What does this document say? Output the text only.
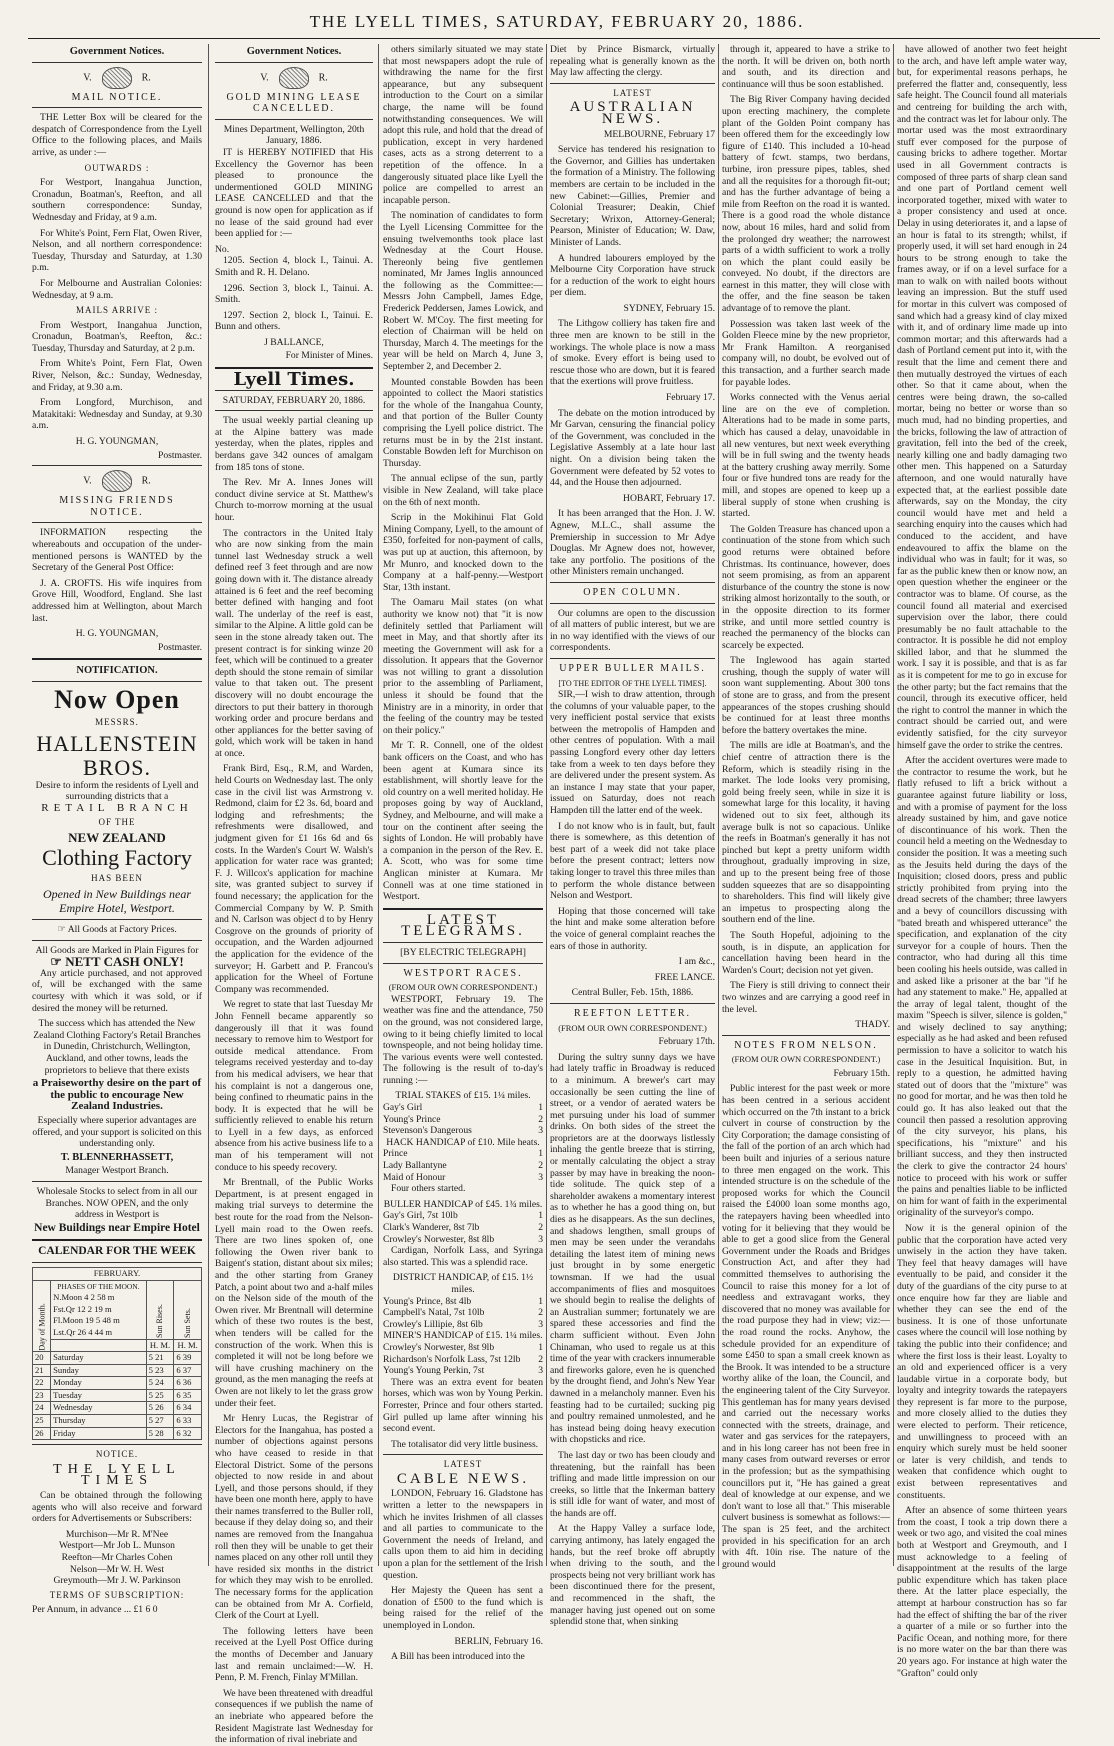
THE LYELL TIMES, SATURDAY, FEBRUARY 20, 1886.
Government Notices.
V.	R.
MAIL NOTICE.
THE Letter Box will be cleared for the despatch of Correspondence from the Lyell Office to the following places, and Mails arrive, as under :—
OUTWARDS :
For Westport, Inangahua Junction, Cronadun, Boatman's, Reefton, and all southern correspondence: Sunday, Wednesday and Friday, at 9 a.m.
For White's Point, Fern Flat, Owen River, Nelson, and all northern correspondence: Tuesday, Thursday and Saturday, at 1.30 p.m.
For Melbourne and Australian Colonies: Wednesday, at 9 a.m.
MAILS ARRIVE :
From Westport, Inangahua Junction, Cronadun, Boatman's, Reefton, &c.: Tuesday, Thursday and Saturday, at 2 p.m.
From White's Point, Fern Flat, Owen River, Nelson, &c.: Sunday, Wednesday, and Friday, at 9.30 a.m.
From Longford, Murchison, and Matakitaki: Wednesday and Sunday, at 9.30 a.m.
H. G. YOUNGMAN,
Postmaster.
V.	R.
MISSING FRIENDS NOTICE.
INFORMATION respecting the whereabouts and occupation of the under-mentioned persons is WANTED by the Secretary of the General Post Office:
J. A. CROFTS. His wife inquires from Grove Hill, Woodford, England. She last addressed him at Wellington, about March last.
H. G. YOUNGMAN,
Postmaster.
NOTIFICATION.
Now Open
MESSRS.
HALLENSTEIN BROS.
Desire to inform the residents of Lyell and surrounding districts that a
RETAIL BRANCH
OF THE
NEW ZEALAND
Clothing Factory
HAS BEEN
Opened in New Buildings near Empire Hotel, Westport.
☞ All Goods at Factory Prices.
All Goods are Marked in Plain Figures for
☞ NETT CASH ONLY!
Any article purchased, and not approved of, will be exchanged with the same courtesy with which it was sold, or if desired the money will be returned.
The success which has attended the New Zealand Clothing Factory's Retail Branches in Dunedin, Christchurch, Wellington, Auckland, and other towns, leads the proprietors to believe that there exists
a Praiseworthy desire on the part of the public to encourage New Zealand Industries.
Especially where superior advantages are offered, and your support is solicited on this understanding only.
T. BLENNERHASSETT,
Manager Westport Branch.
Wholesale Stocks to select from in all our Branches. NOW OPEN, and the only address in Westport is
New Buildings near Empire Hotel
CALENDAR FOR THE WEEK
FEBRUARY.			
Day of Month.	PHASES OF THE MOON.
N.Moon 4 2 58 m
Fst.Qr 12 2 19 m
Fl.Moon 19 5 48 m
Lst.Qr 26 4 44 m	Sun Rises.	Sun Sets.
		H. M.	H. M.
20	Saturday	5 21	6 39
21	Sunday	5 23	6 37
22	Monday	5 24	6 36
23	Tuesday	5 25	6 35
24	Wednesday	5 26	6 34
25	Thursday	5 27	6 33
26	Friday	5 28	6 32
NOTICE.
THE LYELL TIMES
Can be obtained through the following agents who will also receive and forward orders for Advertisements or Subscribers:
Murchison—Mr R. M'Nee
Westport—Mr Job L. Munson
Reefton—Mr Charles Cohen
Nelson—Mr W. H. West
Greymouth—Mr J. W. Parkinson
TERMS OF SUBSCRIPTION:
Per Annum, in advance ... £1 6 0
Government Notices.
V.	R.
GOLD MINING LEASE CANCELLED.
Mines Department, Wellington, 20th January, 1886.
IT is HEREBY NOTIFIED that His Excellency the Governor has been pleased to pronounce the undermentioned GOLD MINING LEASE CANCELLED and that the ground is now open for application as if no lease of the said ground had ever been applied for :—
No.
1205. Section 4, block I., Tainui. A. Smith and R. H. Delano.
1296. Section 3, block I., Tainui. A. Smith.
1297. Section 2, block I., Tainui. E. Bunn and others.
J BALLANCE,
For Minister of Mines.
Lyell Times.
SATURDAY, FEBRUARY 20, 1886.
The usual weekly partial cleaning up at the Alpine battery was made yesterday, when the plates, ripples and berdans gave 342 ounces of amalgam from 185 tons of stone.
The Rev. Mr A. Innes Jones will conduct divine service at St. Matthew's Church to-morrow morning at the usual hour.
The contractors in the United Italy who are now sinking from the main tunnel last Wednesday struck a well defined reef 3 feet through and are now going down with it. The distance already attained is 6 feet and the reef becoming better defined with hanging and foot wall. The underlay of the reef is east, similar to the Alpine. A little gold can be seen in the stone already taken out. The present contract is for sinking winze 20 feet, which will be continued to a greater depth should the stone remain of similar value to that taken out. The present discovery will no doubt encourage the directors to put their battery in thorough working order and procure berdans and other appliances for the better saving of gold, which work will be taken in hand at once.
Frank Bird, Esq., R.M, and Warden, held Courts on Wednesday last. The only case in the civil list was Armstrong v. Redmond, claim for £2 3s. 6d, board and lodging and refreshments; the refreshments were disallowed, and judgment given for £1 16s 6d and 6s costs. In the Warden's Court W. Walsh's application for water race was granted; F. J. Willcox's application for machine site, was granted subject to survey if found necessary; the application for the Commercial Company by W. P. Smith and N. Carlson was object d to by Henry Cosgrove on the grounds of priority of occupation, and the Warden adjourned the application for the evidence of the surveyor; H. Garbett and P. Francou's application for the Wheel of Fortune Company was recommended.
We regret to state that last Tuesday Mr John Fennell became apparently so dangerously ill that it was found necessary to remove him to Westport for outside medical attendance. From telegrams received yesterday and to-day from his medical advisers, we hear that his complaint is not a dangerous one, being confined to rheumatic pains in the body. It is expected that he will be sufficiently relieved to enable his return to Lyell in a few days, as enforced absence from his active business life to a man of his temperament will not conduce to his speedy recovery.
Mr Brentnall, of the Public Works Department, is at present engaged in making trial surveys to determine the best route for the road from the Nelson-Lyell main road to the Owen reefs. There are two lines spoken of, one following the Owen river bank to Baigent's station, distant about six miles; and the other starting from Graney Patch, a point about two and a-half miles on the Nelson side of the mouth of the Owen river. Mr Brentnall will determine which of these two routes is the best, when tenders will be called for the construction of the work. When this is completed it will not be long before we will have crushing machinery on the ground, as the men managing the reefs at Owen are not likely to let the grass grow under their feet.
Mr Henry Lucas, the Registrar of Electors for the Inangahua, has posted a number of objections against persons who have ceased to reside in that Electoral District. Some of the persons objected to now reside in and about Lyell, and those persons should, if they have been one month here, apply to have their names transferred to the Buller roll, because if they delay doing so, and their names are removed from the Inangahua roll then they will be unable to get their names placed on any other roll until they have resided six months in the district for which they may wish to be enrolled. The necessary forms for the application can be obtained from Mr A. Corfield, Clerk of the Court at Lyell.
The following letters have been received at the Lyell Post Office during the months of December and January last and remain unclaimed:—W. H. Penn, P. M. French, Finlay M'Millan.
We have been threatened with dreadful consequences if we publish the name of an inebriate who appeared before the Resident Magistrate last Wednesday for the information of rival inebriate and
others similarly situated we may state that most newspapers adopt the rule of withdrawing the name for the first appearance, but any subsequent introduction to the Court on a similar charge, the name will be found notwithstanding consequences. We will adopt this rule, and hold that the dread of publication, except in very hardened cases, acts as a strong deterrent to a repetition of the offence. In a dangerously situated place like Lyell the police are compelled to arrest an incapable person.
The nomination of candidates to form the Lyell Licensing Committee for the ensuing twelvemonths took place last Wednesday at the Court House. Thereonly being five gentlemen nominated, Mr James Inglis announced the following as the Committee:—Messrs John Campbell, James Edge, Frederick Peddersen, James Lowick, and Robert W. M'Coy. The first meeting for election of Chairman will be held on Thursday, March 4. The meetings for the year will be held on March 4, June 3, September 2, and December 2.
Mounted constable Bowden has been appointed to collect the Maori statistics for the whole of the Inangahua County, and that portion of the Buller County comprising the Lyell police district. The returns must be in by the 21st instant. Constable Bowden left for Murchison on Thursday.
The annual eclipse of the sun, partly visible in New Zealand, will take place on the 6th of next month.
Scrip in the Mokihinui Flat Gold Mining Company, Lyell, to the amount of £350, forfeited for non-payment of calls, was put up at auction, this afternoon, by Mr Munro, and knocked down to the Company at a half-penny.—Westport Star, 13th instant.
The Oamaru Mail states (on what authority we know not) that "it is now definitely settled that Parliament will meet in May, and that shortly after its meeting the Government will ask for a dissolution. It appears that the Governor was not willing to grant a dissolution prior to the assembling of Parliament, unless it should be found that the Ministry are in a minority, in order that the feeling of the country may be tested on their policy."
Mr T. R. Connell, one of the oldest bank officers on the Coast, and who has been agent at Kumara since its establishment, will shortly leave for the old country on a well merited holiday. He proposes going by way of Auckland, Sydney, and Melbourne, and will make a tour on the continent after seeing the sights of London. He will probably have a companion in the person of the Rev. E. A. Scott, who was for some time Anglican minister at Kumara. Mr Connell was at one time stationed in Westport.
LATEST TELEGRAMS.
[BY ELECTRIC TELEGRAPH]
WESTPORT RACES.
(FROM OUR OWN CORRESPONDENT.)
WESTPORT, February 19. The weather was fine and the attendance, 750 on the ground, was not considered large, owing to it being chiefly limited to local townspeople, and not being holiday time. The various events were well contested. The following is the result of to-day's running :—
TRIAL STAKES of £15. 1¼ miles.
Gay's Girl	1
Young's Prince	2
Stevenson's Dangerous	3
HACK HANDICAP of £10. Mile heats.
Prince	1
Lady Ballantyne	2
Maid of Honour	3
Four others started.
BULLER HANDICAP of £45. 1¾ miles.
Gay's Girl, 7st 10lb	1
Clark's Wanderer, 8st 7lb	2
Crowley's Norwester, 8st 8lb	3
Cardigan, Norfolk Lass, and Syringa also started. This was a splendid race.
DISTRICT HANDICAP, of £15. 1½ miles.
Young's Prince, 8st 4lb	1
Campbell's Natal, 7st 10lb	2
Crowley's Lillipie, 8st 6lb	3
MINER'S HANDICAP of £15. 1¼ miles.
Crowley's Norwester, 8st 9lb	1
Richardson's Norfolk Lass, 7st 12lb 2
Young's Young Perkin, 7st	3
There was an extra event for beaten horses, which was won by Young Perkin. Forrester, Prince and four others started. Girl pulled up lame after winning his second event.
The totalisator did very little business.
LATEST
CABLE NEWS.
LONDON, February 16. Gladstone has written a letter to the newspapers in which he invites Irishmen of all classes and all parties to communicate to the Government the needs of Ireland, and calls upon them to aid him in deciding upon a plan for the settlement of the Irish question.
Her Majesty the Queen has sent a donation of £500 to the fund which is being raised for the relief of the unemployed in London.
BERLIN, February 16.
A Bill has been introduced into the
Diet by Prince Bismarck, virtually repealing what is generally known as the May law affecting the clergy.
LATEST
AUSTRALIAN NEWS.
MELBOURNE, February 17
Service has tendered his resignation to the Governor, and Gillies has undertaken the formation of a Ministry. The following members are certain to be included in the new Cabinet:—Gillies, Premier and Colonial Treasurer; Deakin, Chief Secretary; Wrixon, Attorney-General; Pearson, Minister of Education; W. Daw, Minister of Lands.
A hundred labourers employed by the Melbourne City Corporation have struck for a reduction of the work to eight hours per diem.
SYDNEY, February 15.
The Lithgow colliery has taken fire and three men are known to be still in the workings. The whole place is now a mass of smoke. Every effort is being used to rescue those who are down, but it is feared that the exertions will prove fruitless.
February 17.
The debate on the motion introduced by Mr Garvan, censuring the financial policy of the Government, was concluded in the Legislative Assembly at a late hour last night. On a division being taken the Government were defeated by 52 votes to 44, and the House then adjourned.
HOBART, February 17.
It has been arranged that the Hon. J. W. Agnew, M.L.C., shall assume the Premiership in succession to Mr Adye Douglas. Mr Agnew does not, however, take any portfolio. The positions of the other Ministers remain unchanged.
OPEN COLUMN.
Our columns are open to the discussion of all matters of public interest, but we are in no way identified with the views of our correspondents.
UPPER BULLER MAILS.
[TO THE EDITOR OF THE LYELL TIMES].
SIR,—I wish to draw attention, through the columns of your valuable paper, to the very inefficient postal service that exists between the metropolis of Hampden and other centres of population. With a mail passing Longford every other day letters take from a week to ten days before they are delivered under the present system. As an instance I may state that your paper, issued on Saturday, does not reach Hampden till the latter end of the week.
I do not know who is in fault, but, fault there is somewhere, as this detention of best part of a week did not take place before the present contract; letters now taking longer to travel this three miles than to perform the whole distance between Nelson and Westport.
Hoping that those concerned will take the hint and make some alteration before the voice of general complaint reaches the ears of those in authority.
I am &c.,
FREE LANCE.
Central Buller, Feb. 15th, 1886.
REEFTON LETTER.
(FROM OUR OWN CORRESPONDENT.)
February 17th.
During the sultry sunny days we have had lately traffic in Broadway is reduced to a minimum. A brewer's cart may occasionally be seen cutting the line of street, or a vendor of aerated waters be met pursuing under his load of summer drinks. On both sides of the street the proprietors are at the doorways listlessly inhaling the gentle breeze that is stirring, or mentally calculating the object a stray passer by may have in breaking the noon-tide solitude. The quick step of a shareholder awakens a momentary interest as to whether he has a good thing on, but dies as he disappears. As the sun declines, and shadows lengthen, small groups of men may be seen under the verandahs detailing the latest item of mining news just brought in by some energetic townsman. If we had the usual accompaniments of flies and mosquitoes we should begin to realise the delights of an Australian summer; fortunately we are spared these accessories and find the charm sufficient without. Even John Chinaman, who used to regale us at this time of the year with crackers innumerable and fireworks galore, even he is quenched by the drought fiend, and John's New Year dawned in a melancholy manner. Even his feasting had to be curtailed; sucking pig and poultry remained unmolested, and he has instead being doing heavy execution with chopsticks and rice.
The last day or two has been cloudy and threatening, but the rainfall has been trifling and made little impression on our creeks, so little that the Inkerman battery is still idle for want of water, and most of the hands are off.
At the Happy Valley a surface lode, carrying antimony, has lately engaged the hands, but the reef broke off abruptly when driving to the south, and the prospects being not very brilliant work has been discontinued there for the present, and recommenced in the shaft, the manager having just opened out on some splendid stone that, when sinking
through it, appeared to have a strike to the north. It will be driven on, both north and south, and its direction and continuance will thus be soon established.
The Big River Company having decided upon erecting machinery, the complete plant of the Golden Point company has been offered them for the exceedingly low figure of £140. This included a 10-head battery of fcwt. stamps, two berdans, turbine, iron pressure pipes, tables, shed and all the requisites for a thorough fit-out; and has the further advantage of being a mile from Reefton on the road it is wanted. There is a good road the whole distance now, about 16 miles, hard and solid from the prolonged dry weather; the narrowest parts of a width sufficient to work a trolly on which the plant could easily be conveyed. No doubt, if the directors are earnest in this matter, they will close with the offer, and the fine season be taken advantage of to remove the plant.
Possession was taken last week of the Golden Fleece mine by the new proprietor, Mr Frank Hamilton. A reorganised company will, no doubt, be evolved out of this transaction, and a further search made for payable lodes.
Works connected with the Venus aerial line are on the eve of completion. Alterations had to be made in some parts, which has caused a delay, unavoidable in all new ventures, but next week everything will be in full swing and the twenty heads at the battery crushing away merrily. Some four or five hundred tons are ready for the mill, and stopes are opened to keep up a liberal supply of stone when crushing is started.
The Golden Treasure has chanced upon a continuation of the stone from which such good returns were obtained before Christmas. Its continuance, however, does not seem promising, as from an apparent disturbance of the country the stone is now striking almost horizontally to the south, or in the opposite direction to its former strike, and until more settled country is reached the permanency of the blocks can scarcely be expected.
The Inglewood has again started crushing, though the supply of water will soon want supplementing. About 300 tons of stone are to grass, and from the present appearances of the stopes crushing should be continued for at least three months before the battery overtakes the mine.
The mills are idle at Boatman's, and the chief centre of attraction there is the Reform, which is steadily rising in the market. The lode looks very promising, gold being freely seen, while in size it is somewhat large for this locality, it having widened out to six feet, although its average bulk is not so capacious. Unlike the reefs in Boatman's generally it has not pinched but kept a pretty uniform width throughout, gradually improving in size, and up to the present being free of those sudden squeezes that are so disappointing to shareholders. This find will likely give an impetus to prospecting along the southern end of the line.
The South Hopeful, adjoining to the south, is in dispute, an application for cancellation having been heard in the Warden's Court; decision not yet given.
The Fiery is still driving to connect their two winzes and are carrying a good reef in the level.
THADY.
NOTES FROM NELSON.
(FROM OUR OWN CORRESPONDENT.)
February 15th.
Public interest for the past week or more has been centred in a serious accident which occurred on the 7th instant to a brick culvert in course of construction by the City Corporation; the damage consisting of the fall of the portion of an arch which had been built and injuries of a serious nature to three men engaged on the work. This intended structure is on the schedule of the proposed works for which the Council raised the £4000 loan some months ago, the ratepayers having been wheedled into voting for it believing that they would be able to get a good slice from the General Government under the Roads and Bridges Construction Act, and after they had committed themselves to authorising the Council to raise this money for a lot of needless and extravagant works, they discovered that no money was available for the road purpose they had in view; viz:—the road round the rocks. Anyhow, the schedule provided for an expenditure of some £450 to span a small creek known as the Brook. It was intended to be a structure worthy alike of the loan, the Council, and the engineering talent of the City Surveyor. This gentleman has for many years devised and carried out the necessary works connected with the streets, drainage, and water and gas services for the ratepayers, and in his long career has not been free in many cases from outward reverses or error in the profession; but as the sympathising councillors put it, "He has gained a great deal of knowledge at our expense, and we don't want to lose all that." This miserable culvert business is somewhat as follows:—The span is 25 feet, and the architect provided in his specification for an arch with 4ft. 10in rise. The nature of the ground would
have allowed of another two feet height to the arch, and have left ample water way, but, for experimental reasons perhaps, he preferred the flatter and, consequently, less safe height. The Council found all materials and centreing for building the arch with, and the contract was let for labour only. The mortar used was the most extraordinary stuff ever composed for the purpose of causing bricks to adhere together. Mortar used in all Government contracts is composed of three parts of sharp clean sand and one part of Portland cement well incorporated together, mixed with water to a proper consistency and used at once. Delay in using deteriorates it, and a lapse of an hour is fatal to its strength; whilst, if properly used, it will set hard enough in 24 hours to be strong enough to take the frames away, or if on a level surface for a man to walk on with nailed boots without leaving an impression. But the stuff used for mortar in this culvert was composed of sand which had a greasy kind of clay mixed with it, and of ordinary lime made up into common mortar; and this afterwards had a dash of Portland cement put into it, with the result that the lime and cement there and then mutually destroyed the virtues of each other. So that it came about, when the centres were being drawn, the so-called mortar, being no better or worse than so much mud, had no binding properties, and the bricks, following the law of attraction of gravitation, fell into the bed of the creek, nearly killing one and badly damaging two other men. This happened on a Saturday afternoon, and one would naturally have expected that, at the earliest possible date afterwards, say on the Monday, the city council would have met and held a searching enquiry into the causes which had conduced to the accident, and have endeavoured to affix the blame on the individual who was in fault; for it was, so far as the public knew then or know now, an open question whether the engineer or the contractor was to blame. Of course, as the council found all material and exercised supervision over the labor, there could presumably be no fault attachable to the contractor. It is possible he did not employ skilled labor, and that he slummed the work. I say it is possible, and that is as far as it is competent for me to go in excuse for the other party; but the fact remains that the council, through its executive officer, held the right to control the manner in which the contract should be carried out, and were evidently satisfied, for the city surveyor himself gave the order to strike the centres.
After the accident overtures were made to the contractor to resume the work, but he flatly refused to lift a brick without a guarantee against future liability or loss, and with a promise of payment for the loss already sustained by him, and gave notice of discontinuance of his work. Then the council held a meeting on the Wednesday to consider the position. It was a meeting such as the Jesuits held during the days of the Inquisition; closed doors, press and public strictly prohibited from prying into the dread secrets of the chamber; three lawyers and a bevy of councillors discussing with "bated breath and whispered utterance" the specification, and explanation of the city surveyor for a couple of hours. Then the contractor, who had during all this time been cooling his heels outside, was called in and asked like a prisoner at the bar "if he had any statement to make." He, appalled at the array of legal talent, thought of the maxim "Speech is silver, silence is golden," and wisely declined to say anything; especially as he had asked and been refused permission to have a solicitor to watch his case in the Jesuitical Inquisition. But, in reply to a question, he admitted having stated out of doors that the "mixture" was no good for mortar, and he was then told he could go. It has also leaked out that the council then passed a resolution approving of the city surveyor, his plans, his specifications, his "mixture" and his brilliant success, and they then instructed the clerk to give the contractor 24 hours' notice to proceed with his work or suffer the pains and penalties liable to be inflicted on him for want of faith in the experimental originality of the surveyor's compo.
Now it is the general opinion of the public that the corporation have acted very unwisely in the action they have taken. They feel that heavy damages will have eventually to be paid, and consider it the duty of the guardians of the city purse to at once enquire how far they are liable and whether they can see the end of the business. It is one of those unfortunate cases where the council will lose nothing by taking the public into their confidence; and where the first loss is their least. Loyalty to an old and experienced officer is a very laudable virtue in a corporate body, but loyalty and integrity towards the ratepayers they represent is far more to the purpose, and more closely allied to the duties they were elected to perform. Their reticence, and unwillingness to proceed with an enquiry which surely must be held sooner or later is very childish, and tends to weaken that confidence which ought to exist between representatives and constituents.
After an absence of some thirteen years from the coast, I took a trip down there a week or two ago, and visited the coal mines both at Westport and Greymouth, and I must acknowledge to a feeling of disappointment at the results of the large public expenditure which has taken place there. At the latter place especially, the attempt at harbour construction has so far had the effect of shifting the bar of the river a quarter of a mile or so further into the Pacific Ocean, and nothing more, for there is no more water on the bar than there was 20 years ago. For instance at high water the "Grafton" could only
